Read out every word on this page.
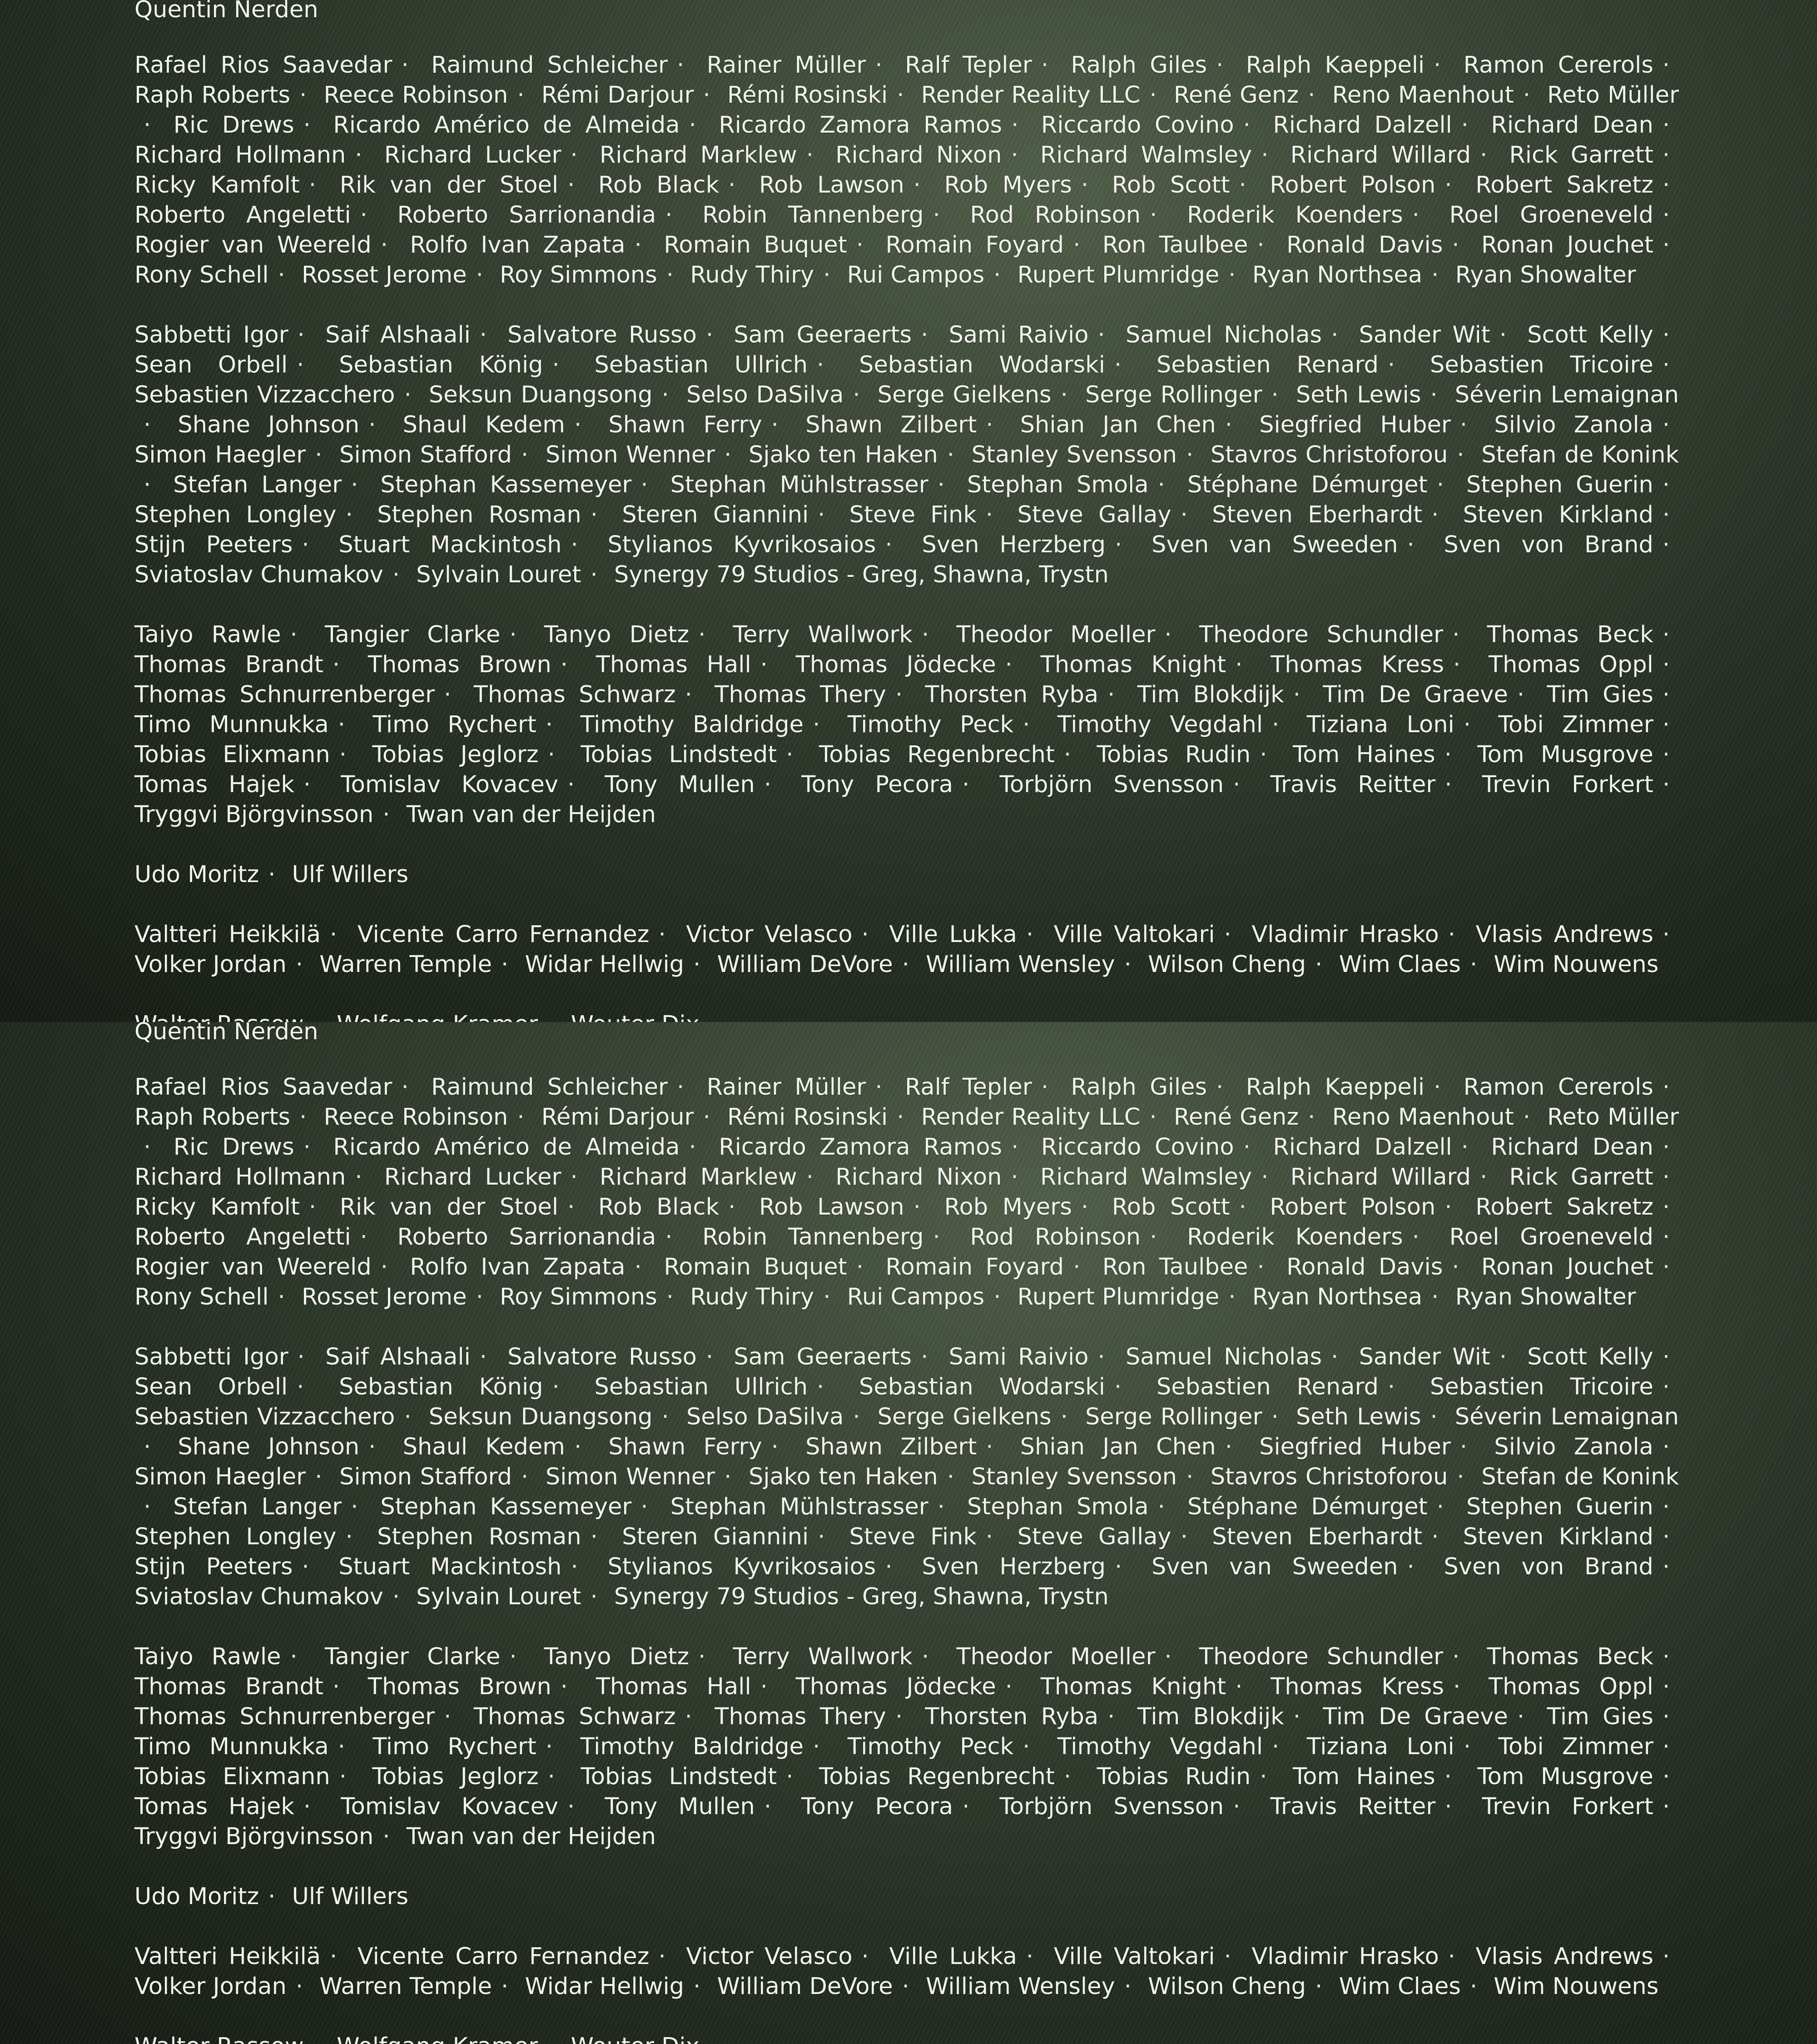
Quentin Nerden
Rafael Rios Saavedar · Raimund Schleicher · Rainer Müller · Ralf Tepler · Ralph Giles · Ralph Kaeppeli · Ramon Cererols · Raph Roberts · Reece Robinson · Rémi Darjour · Rémi Rosinski · Render Reality LLC · René Genz · Reno Maenhout · Reto Müller· Ric Drews · Ricardo Américo de Almeida · Ricardo Zamora Ramos · Riccardo Covino · Richard Dalzell · Richard Dean · Richard Hollmann · Richard Lucker · Richard Marklew · Richard Nixon · Richard Walmsley · Richard Willard · Rick Garrett · Ricky Kamfolt · Rik van der Stoel · Rob Black · Rob Lawson · Rob Myers · Rob Scott · Robert Polson · Robert Sakretz · Roberto Angeletti · Roberto Sarrionandia · Robin Tannenberg · Rod Robinson · Roderik Koenders · Roel Groeneveld · Rogier van Weereld · Rolfo Ivan Zapata · Romain Buquet · Romain Foyard · Ron Taulbee · Ronald Davis · Ronan Jouchet · Rony Schell · Rosset Jerome · Roy Simmons · Rudy Thiry · Rui Campos · Rupert Plumridge · Ryan Northsea · Ryan Showalter
Sabbetti Igor · Saif Alshaali · Salvatore Russo · Sam Geeraerts · Sami Raivio · Samuel Nicholas · Sander Wit · Scott Kelly · Sean Orbell · Sebastian König · Sebastian Ullrich · Sebastian Wodarski · Sebastien Renard · Sebastien Tricoire · Sebastien Vizzacchero · Seksun Duangsong · Selso DaSilva · Serge Gielkens · Serge Rollinger · Seth Lewis · Séverin Lemaignan· Shane Johnson · Shaul Kedem · Shawn Ferry · Shawn Zilbert · Shian Jan Chen · Siegfried Huber · Silvio Zanola · Simon Haegler · Simon Stafford · Simon Wenner · Sjako ten Haken · Stanley Svensson · Stavros Christoforou · Stefan de Konink· Stefan Langer · Stephan Kassemeyer · Stephan Mühlstrasser · Stephan Smola · Stéphane Démurget · Stephen Guerin · Stephen Longley · Stephen Rosman · Steren Giannini · Steve Fink · Steve Gallay · Steven Eberhardt · Steven Kirkland · Stijn Peeters · Stuart Mackintosh · Stylianos Kyvrikosaios · Sven Herzberg · Sven van Sweeden · Sven von Brand · Sviatoslav Chumakov · Sylvain Louret · Synergy 79 Studios - Greg, Shawna, Trystn
Taiyo Rawle · Tangier Clarke · Tanyo Dietz · Terry Wallwork · Theodor Moeller · Theodore Schundler · Thomas Beck · Thomas Brandt · Thomas Brown · Thomas Hall · Thomas Jödecke · Thomas Knight · Thomas Kress · Thomas Oppl · Thomas Schnurrenberger · Thomas Schwarz · Thomas Thery · Thorsten Ryba · Tim Blokdijk · Tim De Graeve · Tim Gies · Timo Munnukka · Timo Rychert · Timothy Baldridge · Timothy Peck · Timothy Vegdahl · Tiziana Loni · Tobi Zimmer · Tobias Elixmann · Tobias Jeglorz · Tobias Lindstedt · Tobias Regenbrecht · Tobias Rudin · Tom Haines · Tom Musgrove · Tomas Hajek · Tomislav Kovacev · Tony Mullen · Tony Pecora · Torbjörn Svensson · Travis Reitter · Trevin Forkert · Tryggvi Björgvinsson · Twan van der Heijden
Udo Moritz · Ulf Willers
Valtteri Heikkilä · Vicente Carro Fernandez · Victor Velasco · Ville Lukka · Ville Valtokari · Vladimir Hrasko · Vlasis Andrews · Volker Jordan · Warren Temple · Widar Hellwig · William DeVore · William Wensley · Wilson Cheng · Wim Claes · Wim Nouwens

Quentin Nerden
Rafael Rios Saavedar · Raimund Schleicher · Rainer Müller · Ralf Tepler · Ralph Giles · Ralph Kaeppeli · Ramon Cererols · Raph Roberts · Reece Robinson · Rémi Darjour · Rémi Rosinski · Render Reality LLC · René Genz · Reno Maenhout · Reto Müller· Ric Drews · Ricardo Américo de Almeida · Ricardo Zamora Ramos · Riccardo Covino · Richard Dalzell · Richard Dean · Richard Hollmann · Richard Lucker · Richard Marklew · Richard Nixon · Richard Walmsley · Richard Willard · Rick Garrett · Ricky Kamfolt · Rik van der Stoel · Rob Black · Rob Lawson · Rob Myers · Rob Scott · Robert Polson · Robert Sakretz · Roberto Angeletti · Roberto Sarrionandia · Robin Tannenberg · Rod Robinson · Roderik Koenders · Roel Groeneveld · Rogier van Weereld · Rolfo Ivan Zapata · Romain Buquet · Romain Foyard · Ron Taulbee · Ronald Davis · Ronan Jouchet · Rony Schell · Rosset Jerome · Roy Simmons · Rudy Thiry · Rui Campos · Rupert Plumridge · Ryan Northsea · Ryan Showalter
Sabbetti Igor · Saif Alshaali · Salvatore Russo · Sam Geeraerts · Sami Raivio · Samuel Nicholas · Sander Wit · Scott Kelly · Sean Orbell · Sebastian König · Sebastian Ullrich · Sebastian Wodarski · Sebastien Renard · Sebastien Tricoire · Sebastien Vizzacchero · Seksun Duangsong · Selso DaSilva · Serge Gielkens · Serge Rollinger · Seth Lewis · Séverin Lemaignan· Shane Johnson · Shaul Kedem · Shawn Ferry · Shawn Zilbert · Shian Jan Chen · Siegfried Huber · Silvio Zanola · Simon Haegler · Simon Stafford · Simon Wenner · Sjako ten Haken · Stanley Svensson · Stavros Christoforou · Stefan de Konink· Stefan Langer · Stephan Kassemeyer · Stephan Mühlstrasser · Stephan Smola · Stéphane Démurget · Stephen Guerin · Stephen Longley · Stephen Rosman · Steren Giannini · Steve Fink · Steve Gallay · Steven Eberhardt · Steven Kirkland · Stijn Peeters · Stuart Mackintosh · Stylianos Kyvrikosaios · Sven Herzberg · Sven van Sweeden · Sven von Brand · Sviatoslav Chumakov · Sylvain Louret · Synergy 79 Studios - Greg, Shawna, Trystn
Taiyo Rawle · Tangier Clarke · Tanyo Dietz · Terry Wallwork · Theodor Moeller · Theodore Schundler · Thomas Beck · Thomas Brandt · Thomas Brown · Thomas Hall · Thomas Jödecke · Thomas Knight · Thomas Kress · Thomas Oppl · Thomas Schnurrenberger · Thomas Schwarz · Thomas Thery · Thorsten Ryba · Tim Blokdijk · Tim De Graeve · Tim Gies · Timo Munnukka · Timo Rychert · Timothy Baldridge · Timothy Peck · Timothy Vegdahl · Tiziana Loni · Tobi Zimmer · Tobias Elixmann · Tobias Jeglorz · Tobias Lindstedt · Tobias Regenbrecht · Tobias Rudin · Tom Haines · Tom Musgrove · Tomas Hajek · Tomislav Kovacev · Tony Mullen · Tony Pecora · Torbjörn Svensson · Travis Reitter · Trevin Forkert · Tryggvi Björgvinsson · Twan van der Heijden
Udo Moritz · Ulf Willers
Valtteri Heikkilä · Vicente Carro Fernandez · Victor Velasco · Ville Lukka · Ville Valtokari · Vladimir Hrasko · Vlasis Andrews · Volker Jordan · Warren Temple · Widar Hellwig · William DeVore · William Wensley · Wilson Cheng · Wim Claes · Wim Nouwens
